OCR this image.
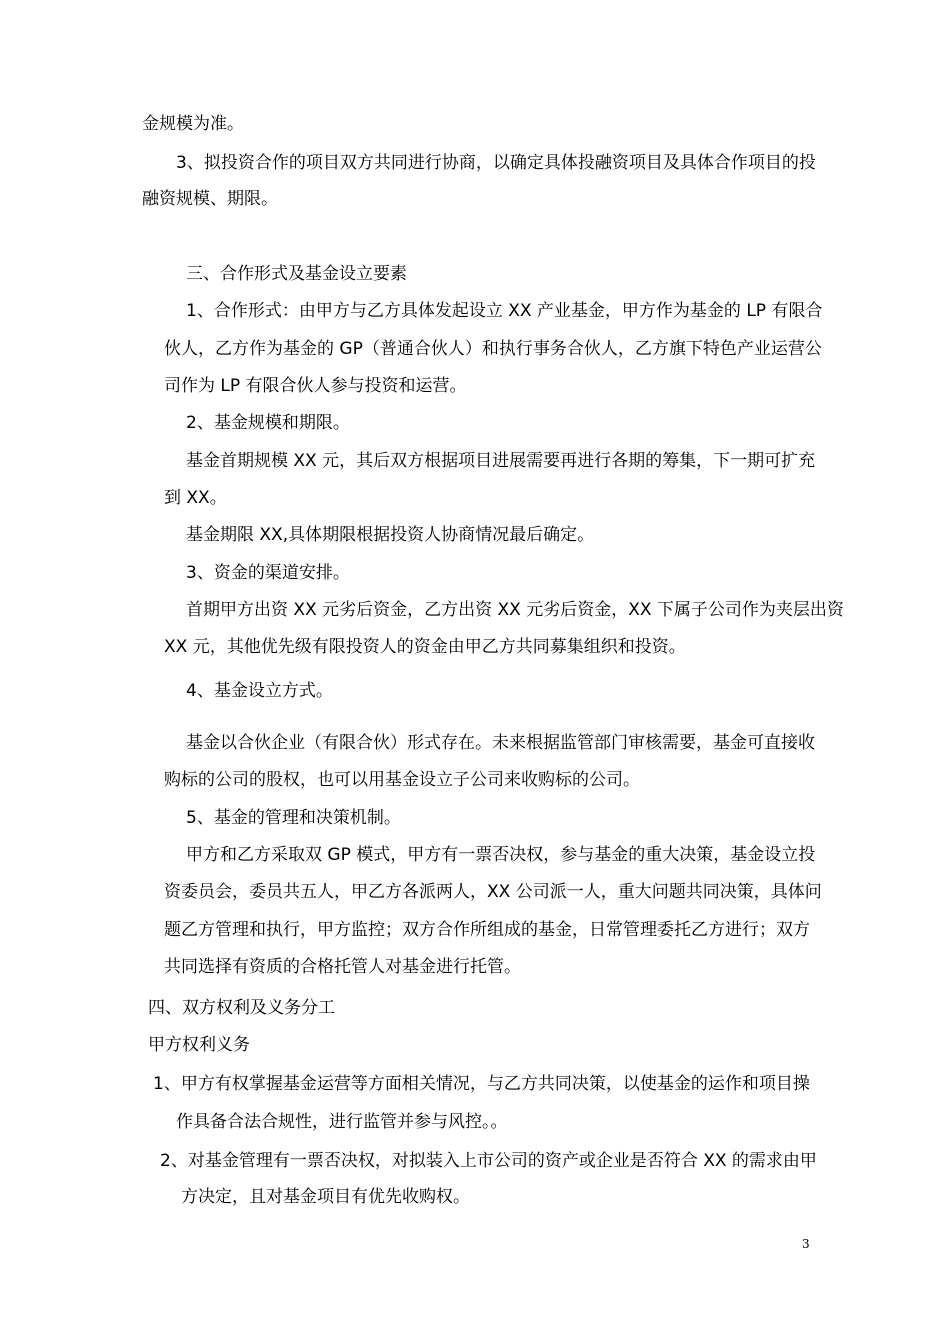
金规模为准。
3、拟投资合作的项目双方共同进行协商，以确定具体投融资项目及具体合作项目的投
融资规模、期限。
三、合作形式及基金设立要素
1、合作形式：由甲方与乙方具体发起设立 XX 产业基金，甲方作为基金的 LP 有限合
伙人，乙方作为基金的 GP（普通合伙人）和执行事务合伙人，乙方旗下特色产业运营公
司作为 LP 有限合伙人参与投资和运营。
2、基金规模和期限。
基金首期规模 XX 元，其后双方根据项目进展需要再进行各期的筹集，下一期可扩充
到 XX。
基金期限 XX,具体期限根据投资人协商情况最后确定。
3、资金的渠道安排。
首期甲方出资 XX 元劣后资金，乙方出资 XX 元劣后资金，XX 下属子公司作为夹层出资
XX 元，其他优先级有限投资人的资金由甲乙方共同募集组织和投资。
4、基金设立方式。
基金以合伙企业（有限合伙）形式存在。未来根据监管部门审核需要，基金可直接收
购标的公司的股权，也可以用基金设立子公司来收购标的公司。
5、基金的管理和决策机制。
甲方和乙方采取双 GP 模式，甲方有一票否决权，参与基金的重大决策，基金设立投
资委员会，委员共五人，甲乙方各派两人，XX 公司派一人，重大问题共同决策，具体问
题乙方管理和执行，甲方监控；双方合作所组成的基金，日常管理委托乙方进行；双方
共同选择有资质的合格托管人对基金进行托管。
四、双方权利及义务分工
甲方权利义务
1、甲方有权掌握基金运营等方面相关情况，与乙方共同决策，以使基金的运作和项目操
作具备合法合规性，进行监管并参与风控。。
2、对基金管理有一票否决权，对拟装入上市公司的资产或企业是否符合 XX 的需求由甲
方决定，且对基金项目有优先收购权。
3
